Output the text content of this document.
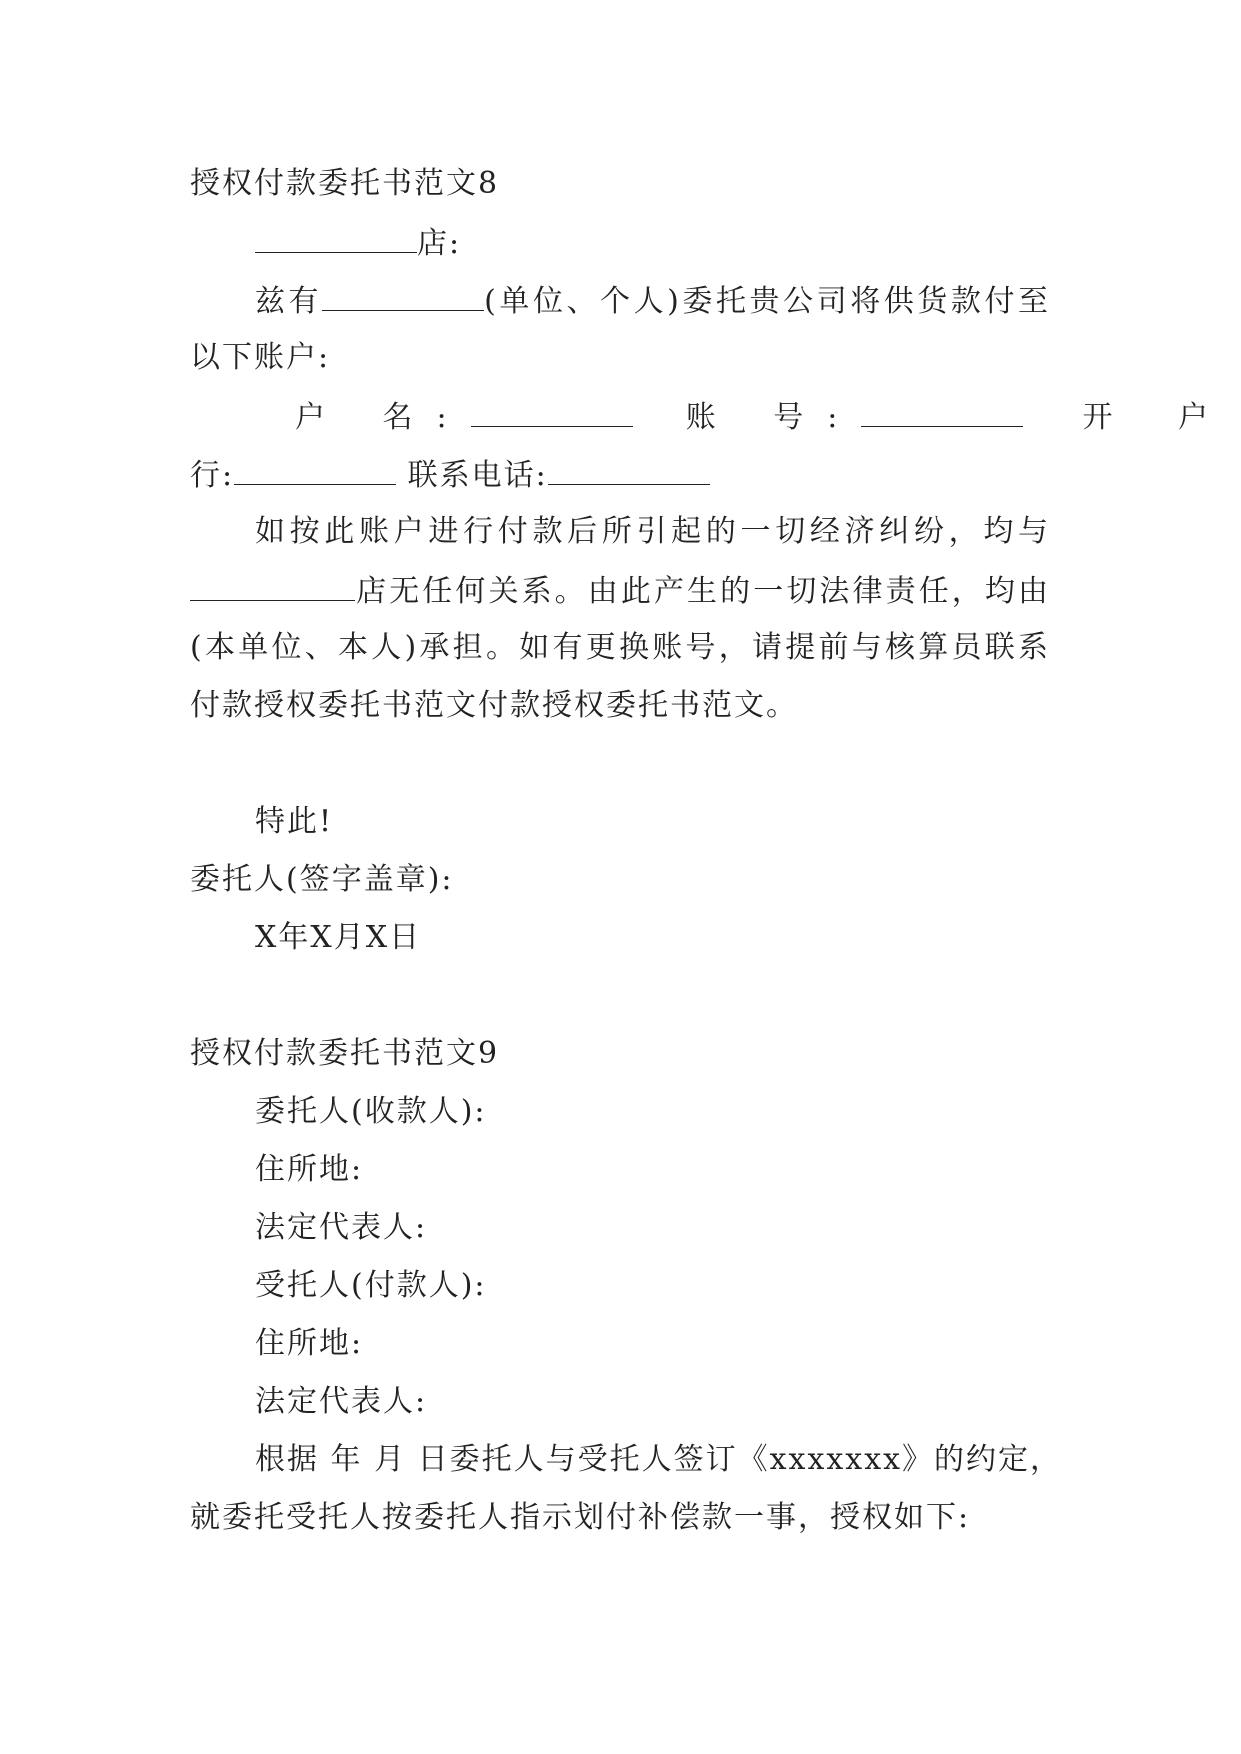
授权付款委托书范文8
店:
兹有	(单位、个人)委托贵公司将供货款付至
以下账户:
户 名:	账 号:	开 户
行:	联系电话:
如按此账户进行付款后所引起的一切经济纠纷，均与
店无任何关系。由此产生的一切法律责任，均由
(本单位、本人)承担。如有更换账号，请提前与核算员联系
付款授权委托书范文付款授权委托书范文。
特此!
委托人(签字盖章):
X年X月X日
授权付款委托书范文9
委托人(收款人):
住所地:
法定代表人:
受托人(付款人):
住所地:
法定代表人:
根据 年 月 日委托人与受托人签订《xxxxxxx》的约定，
就委托受托人按委托人指示划付补偿款一事，授权如下:
